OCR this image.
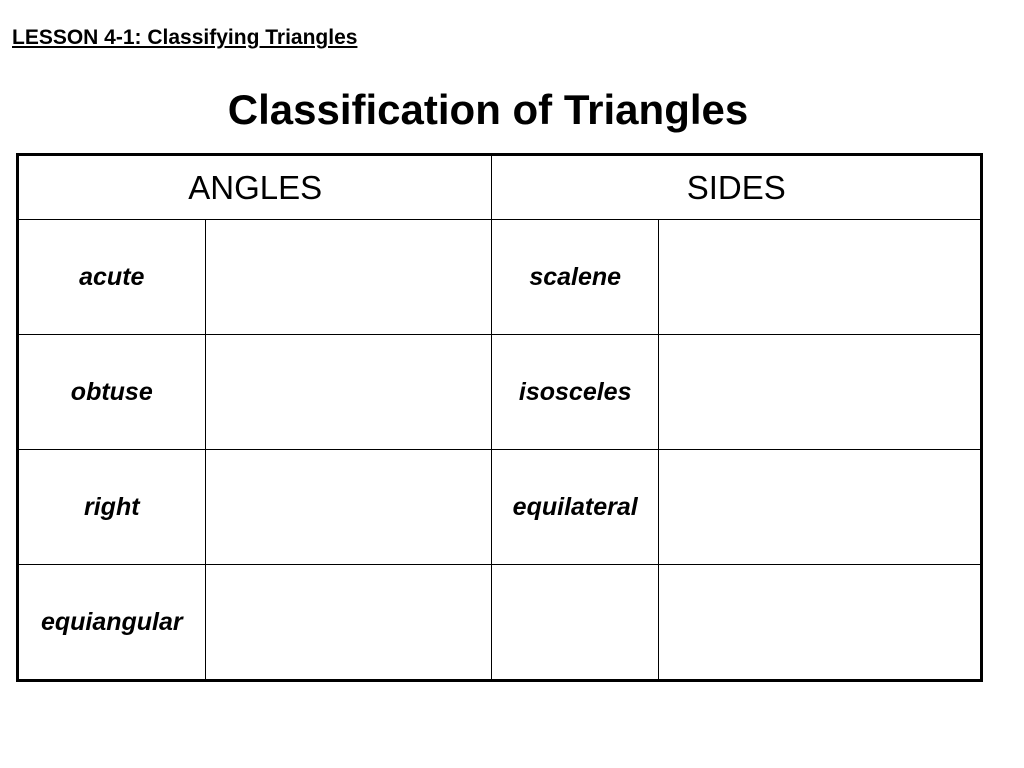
LESSON 4-1: Classifying Triangles
Classification of Triangles
ANGLES		SIDES	
acute		scalene	
obtuse		isosceles	
right		equilateral	
equiangular			
